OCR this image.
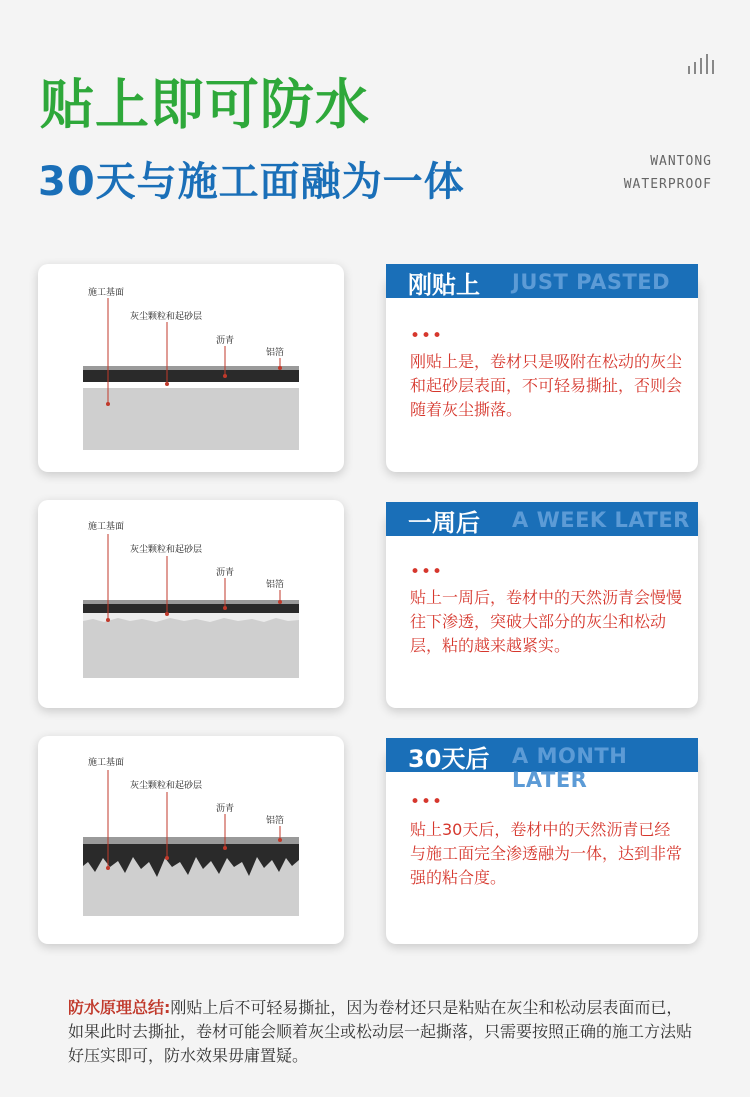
贴上即可防水
30天与施工面融为一体	WANTONG
WATERPROOF
施工基面
灰尘颗粒和起砂层
沥青
铝箔
•••
刚贴上是，卷材只是吸附在松动的灰尘和起砂层表面，不可轻易撕扯，否则会随着灰尘撕落。
刚贴上 JUST PASTED
施工基面
灰尘颗粒和起砂层
沥青
铝箔
•••
贴上一周后，卷材中的天然沥青会慢慢往下渗透，突破大部分的灰尘和松动层，粘的越来越紧实。
一周后 A WEEK LATER
施工基面
灰尘颗粒和起砂层
沥青
铝箔
•••
贴上30天后，卷材中的天然沥青已经与施工面完全渗透融为一体，达到非常强的粘合度。
30天后 A MONTH LATER
防水原理总结:刚贴上后不可轻易撕扯，因为卷材还只是粘贴在灰尘和松动层表面而已，如果此时去撕扯，卷材可能会顺着灰尘或松动层一起撕落，只需要按照正确的施工方法贴好压实即可，防水效果毋庸置疑。
